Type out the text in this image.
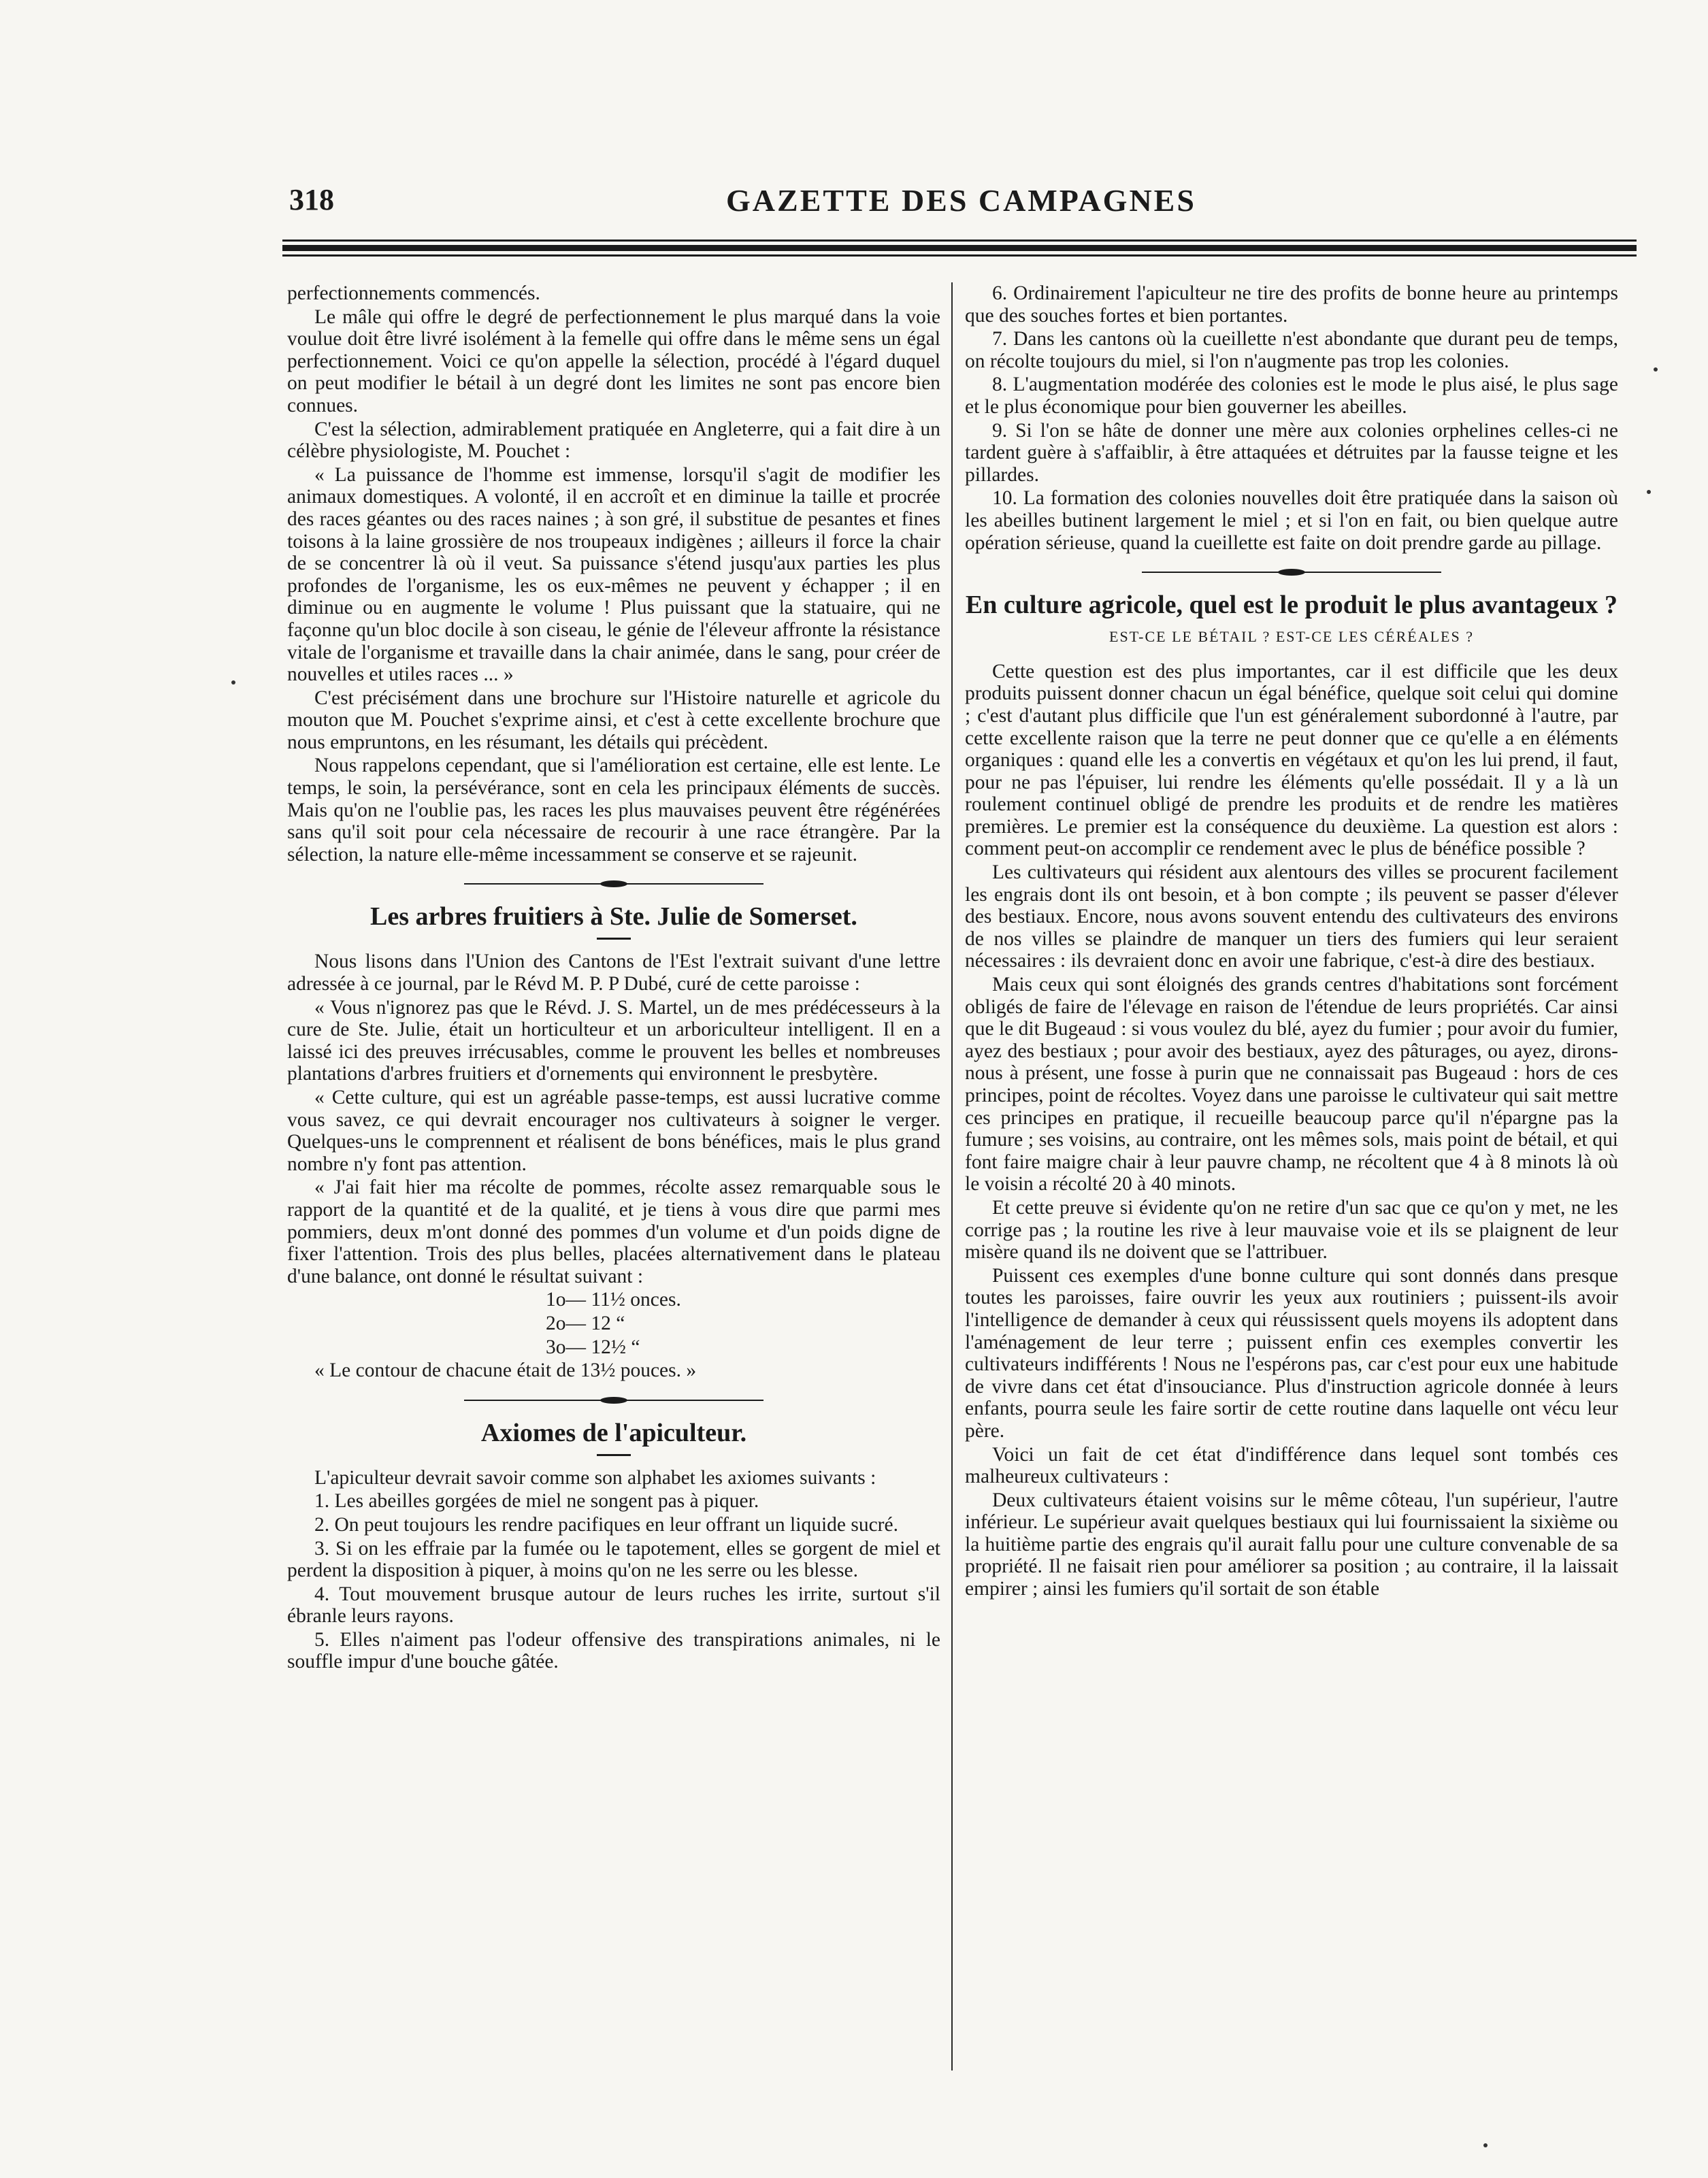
318	GAZETTE DES CAMPAGNES

perfectionnements commencés.

Le mâle qui offre le degré de perfectionnement le plus marqué dans la voie voulue doit être livré isolément à la femelle qui offre dans le même sens un égal perfectionnement. Voici ce qu'on appelle la sélection, procédé à l'égard duquel on peut modifier le bétail à un degré dont les limites ne sont pas encore bien connues.

C'est la sélection, admirablement pratiquée en Angleterre, qui a fait dire à un célèbre physiologiste, M. Pouchet :

« La puissance de l'homme est immense, lorsqu'il s'agit de modifier les animaux domestiques. A volonté, il en accroît et en diminue la taille et procrée des races géantes ou des races naines ; à son gré, il substitue de pesantes et fines toisons à la laine grossière de nos troupeaux indigènes ; ailleurs il force la chair de se concentrer là où il veut. Sa puissance s'étend jusqu'aux parties les plus profondes de l'organisme, les os eux-mêmes ne peuvent y échapper ; il en diminue ou en augmente le volume ! Plus puissant que la statuaire, qui ne façonne qu'un bloc docile à son ciseau, le génie de l'éleveur affronte la résistance vitale de l'organisme et travaille dans la chair animée, dans le sang, pour créer de nouvelles et utiles races ... »

C'est précisément dans une brochure sur l'Histoire naturelle et agricole du mouton que M. Pouchet s'exprime ainsi, et c'est à cette excellente brochure que nous empruntons, en les résumant, les détails qui précèdent.

Nous rappelons cependant, que si l'amélioration est certaine, elle est lente. Le temps, le soin, la persévérance, sont en cela les principaux éléments de succès. Mais qu'on ne l'oublie pas, les races les plus mauvaises peuvent être régénérées sans qu'il soit pour cela nécessaire de recourir à une race étrangère. Par la sélection, la nature elle-même incessamment se conserve et se rajeunit.

Les arbres fruitiers à Ste. Julie de Somerset.

Nous lisons dans l'Union des Cantons de l'Est l'extrait suivant d'une lettre adressée à ce journal, par le Révd M. P. P Dubé, curé de cette paroisse :

« Vous n'ignorez pas que le Révd. J. S. Martel, un de mes prédécesseurs à la cure de Ste. Julie, était un horticulteur et un arboriculteur intelligent. Il en a laissé ici des preuves irrécusables, comme le prouvent les belles et nombreuses plantations d'arbres fruitiers et d'ornements qui environnent le presbytère.

« Cette culture, qui est un agréable passe-temps, est aussi lucrative comme vous savez, ce qui devrait encourager nos cultivateurs à soigner le verger. Quelques-uns le comprennent et réalisent de bons bénéfices, mais le plus grand nombre n'y font pas attention.

« J'ai fait hier ma récolte de pommes, récolte assez remarquable sous le rapport de la quantité et de la qualité, et je tiens à vous dire que parmi mes pommiers, deux m'ont donné des pommes d'un volume et d'un poids digne de fixer l'attention. Trois des plus belles, placées alternativement dans le plateau d'une balance, ont donné le résultat suivant :

1o— 11½ onces.

2o— 12 “

3o— 12½ “

« Le contour de chacune était de 13½ pouces. »

Axiomes de l'apiculteur.

L'apiculteur devrait savoir comme son alphabet les axiomes suivants :

1. Les abeilles gorgées de miel ne songent pas à piquer.

2. On peut toujours les rendre pacifiques en leur offrant un liquide sucré.

3. Si on les effraie par la fumée ou le tapotement, elles se gorgent de miel et perdent la disposition à piquer, à moins qu'on ne les serre ou les blesse.

4. Tout mouvement brusque autour de leurs ruches les irrite, surtout s'il ébranle leurs rayons.

5. Elles n'aiment pas l'odeur offensive des transpirations animales, ni le souffle impur d'une bouche gâtée.

6. Ordinairement l'apiculteur ne tire des profits de bonne heure au printemps que des souches fortes et bien portantes.

7. Dans les cantons où la cueillette n'est abondante que durant peu de temps, on récolte toujours du miel, si l'on n'augmente pas trop les colonies.

8. L'augmentation modérée des colonies est le mode le plus aisé, le plus sage et le plus économique pour bien gouverner les abeilles.

9. Si l'on se hâte de donner une mère aux colonies orphelines celles-ci ne tardent guère à s'affaiblir, à être attaquées et détruites par la fausse teigne et les pillardes.

10. La formation des colonies nouvelles doit être pratiquée dans la saison où les abeilles butinent largement le miel ; et si l'on en fait, ou bien quelque autre opération sérieuse, quand la cueillette est faite on doit prendre garde au pillage.

En culture agricole, quel est le produit le plus avantageux ?
EST-CE LE BÉTAIL ? EST-CE LES CÉRÉALES ?

Cette question est des plus importantes, car il est difficile que les deux produits puissent donner chacun un égal bénéfice, quelque soit celui qui domine ; c'est d'autant plus difficile que l'un est généralement subordonné à l'autre, par cette excellente raison que la terre ne peut donner que ce qu'elle a en éléments organiques : quand elle les a convertis en végétaux et qu'on les lui prend, il faut, pour ne pas l'épuiser, lui rendre les éléments qu'elle possédait. Il y a là un roulement continuel obligé de prendre les produits et de rendre les matières premières. Le premier est la conséquence du deuxième. La question est alors : comment peut-on accomplir ce rendement avec le plus de bénéfice possible ?

Les cultivateurs qui résident aux alentours des villes se procurent facilement les engrais dont ils ont besoin, et à bon compte ; ils peuvent se passer d'élever des bestiaux. Encore, nous avons souvent entendu des cultivateurs des environs de nos villes se plaindre de manquer un tiers des fumiers qui leur seraient nécessaires : ils devraient donc en avoir une fabrique, c'est-à dire des bestiaux.

Mais ceux qui sont éloignés des grands centres d'habitations sont forcément obligés de faire de l'élevage en raison de l'étendue de leurs propriétés. Car ainsi que le dit Bugeaud : si vous voulez du blé, ayez du fumier ; pour avoir du fumier, ayez des bestiaux ; pour avoir des bestiaux, ayez des pâturages, ou ayez, dirons-nous à présent, une fosse à purin que ne connaissait pas Bugeaud : hors de ces principes, point de récoltes. Voyez dans une paroisse le cultivateur qui sait mettre ces principes en pratique, il recueille beaucoup parce qu'il n'épargne pas la fumure ; ses voisins, au contraire, ont les mêmes sols, mais point de bétail, et qui font faire maigre chair à leur pauvre champ, ne récoltent que 4 à 8 minots là où le voisin a récolté 20 à 40 minots.

Et cette preuve si évidente qu'on ne retire d'un sac que ce qu'on y met, ne les corrige pas ; la routine les rive à leur mauvaise voie et ils se plaignent de leur misère quand ils ne doivent que se l'attribuer.

Puissent ces exemples d'une bonne culture qui sont donnés dans presque toutes les paroisses, faire ouvrir les yeux aux routiniers ; puissent-ils avoir l'intelligence de demander à ceux qui réussissent quels moyens ils adoptent dans l'aménagement de leur terre ; puissent enfin ces exemples convertir les cultivateurs indifférents ! Nous ne l'espérons pas, car c'est pour eux une habitude de vivre dans cet état d'insouciance. Plus d'instruction agricole donnée à leurs enfants, pourra seule les faire sortir de cette routine dans laquelle ont vécu leur père.

Voici un fait de cet état d'indifférence dans lequel sont tombés ces malheureux cultivateurs :

Deux cultivateurs étaient voisins sur le même côteau, l'un supérieur, l'autre inférieur. Le supérieur avait quelques bestiaux qui lui fournissaient la sixième ou la huitième partie des engrais qu'il aurait fallu pour une culture convenable de sa propriété. Il ne faisait rien pour améliorer sa position ; au contraire, il la laissait empirer ; ainsi les fumiers qu'il sortait de son étable
